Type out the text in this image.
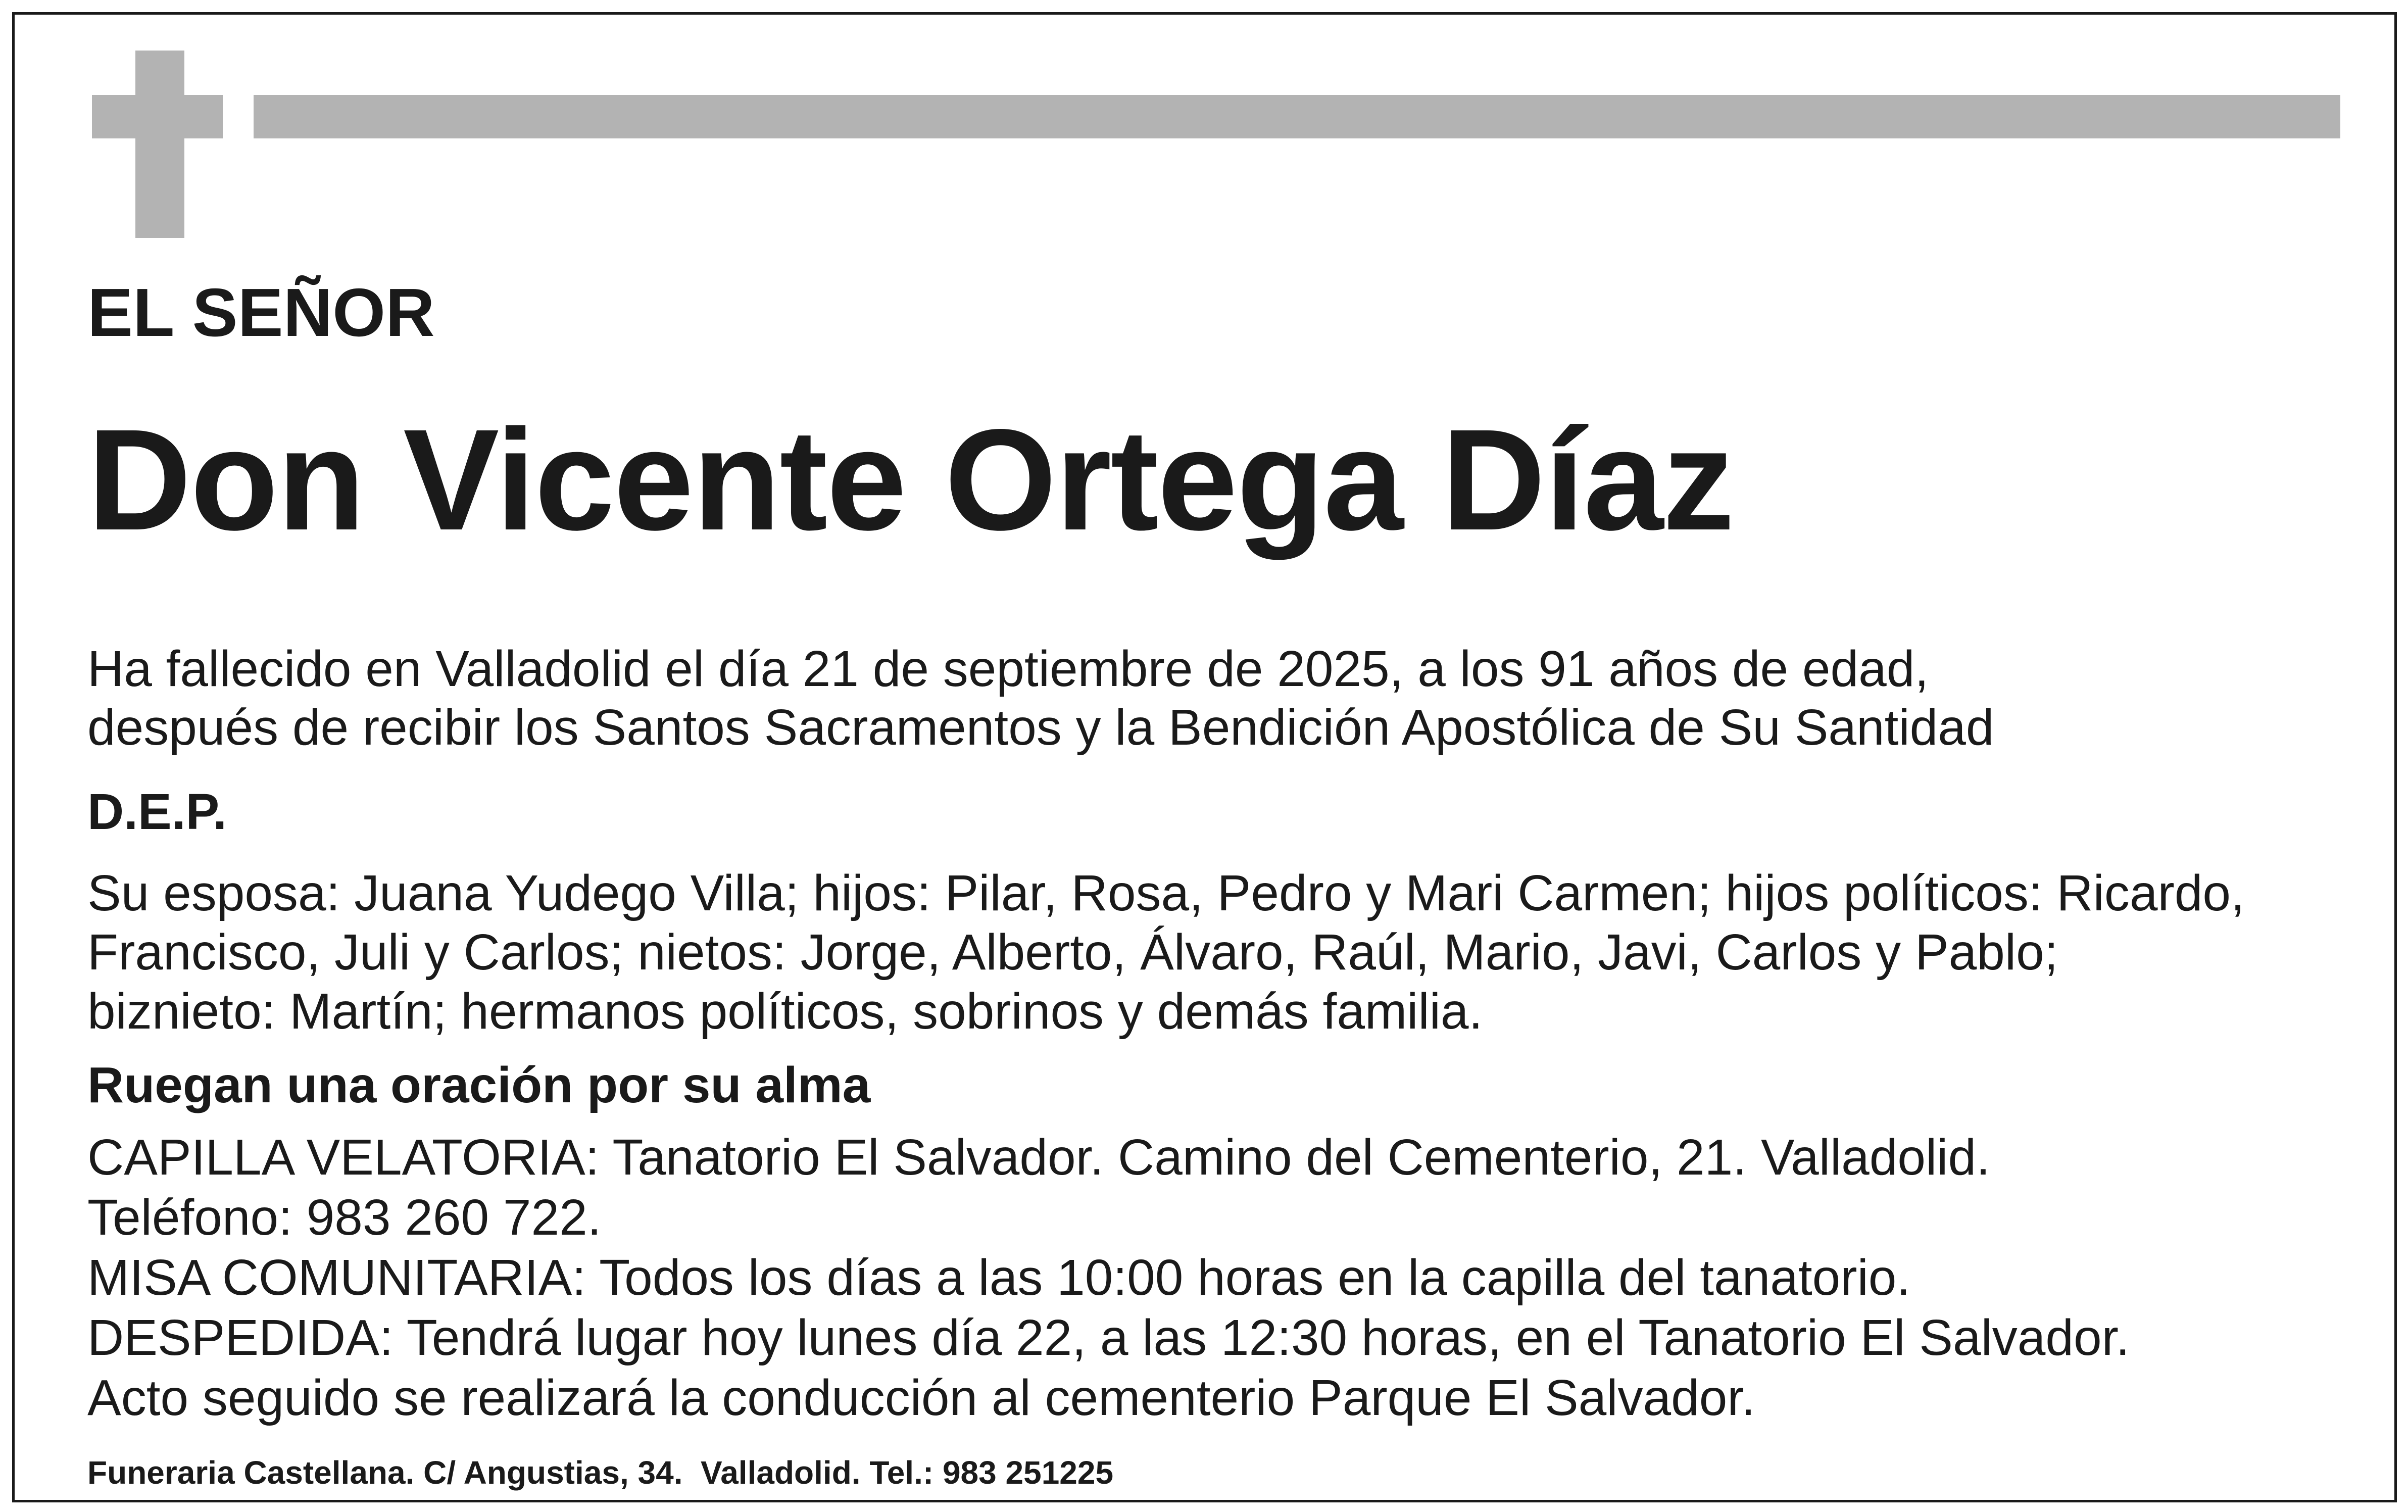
EL SEÑOR
Don Vicente Ortega Díaz
Ha fallecido en Valladolid el día 21 de septiembre de 2025, a los 91 años de edad,
después de recibir los Santos Sacramentos y la Bendición Apostólica de Su Santidad
D.E.P.
Su esposa: Juana Yudego Villa; hijos: Pilar, Rosa, Pedro y Mari Carmen; hijos políticos: Ricardo,
Francisco, Juli y Carlos; nietos: Jorge, Alberto, Álvaro, Raúl, Mario, Javi, Carlos y Pablo;
biznieto: Martín; hermanos políticos, sobrinos y demás familia.
Ruegan una oración por su alma
CAPILLA VELATORIA: Tanatorio El Salvador. Camino del Cementerio, 21. Valladolid.
Teléfono: 983 260 722.
MISA COMUNITARIA: Todos los días a las 10:00 horas en la capilla del tanatorio.
DESPEDIDA: Tendrá lugar hoy lunes día 22, a las 12:30 horas, en el Tanatorio El Salvador.
Acto seguido se realizará la conducción al cementerio Parque El Salvador.
Funeraria Castellana. C/ Angustias, 34.  Valladolid. Tel.: 983 251225
